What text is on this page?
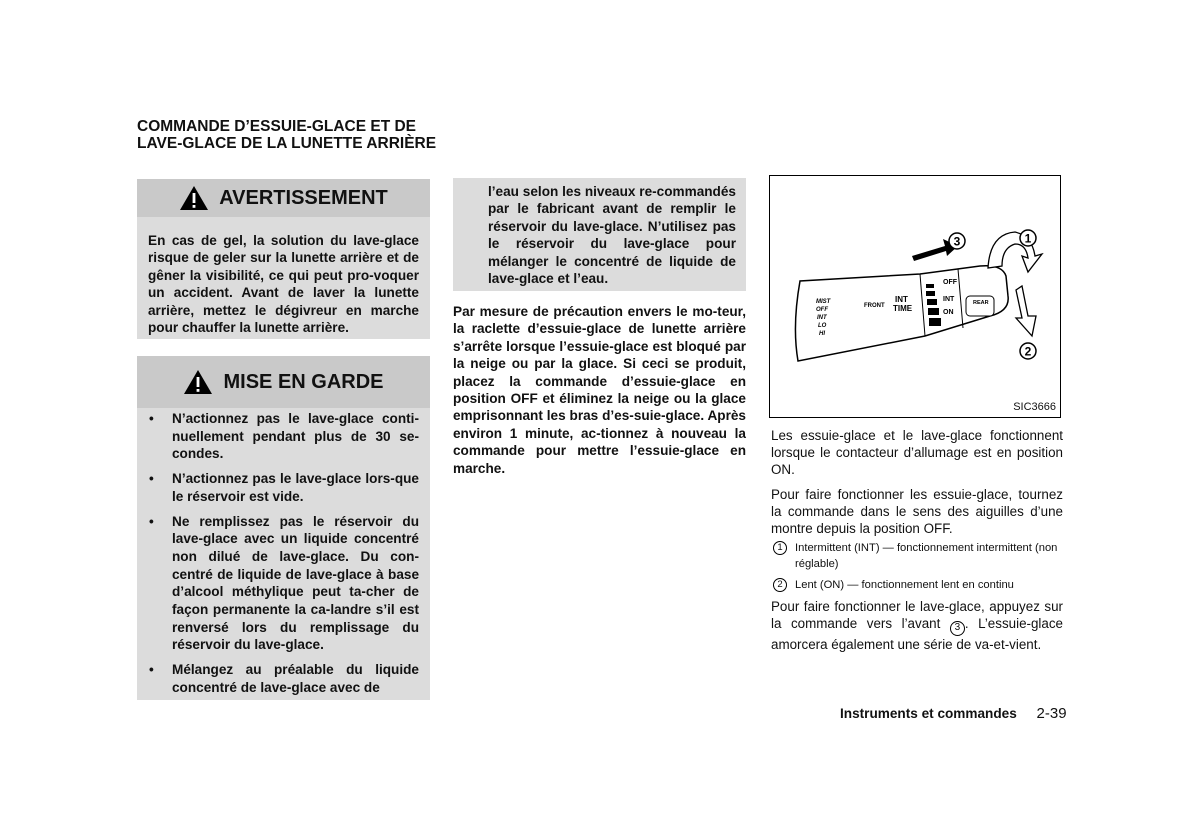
COMMANDE D’ESSUIE-GLACE ET DE LAVE-GLACE DE LA LUNETTE ARRIÈRE
AVERTISSEMENT
En cas de gel, la solution du lave-glace risque de geler sur la lunette arrière et de gêner la visibilité, ce qui peut pro-voquer un accident. Avant de laver la lunette arrière, mettez le dégivreur en marche pour chauffer la lunette arrière.
MISE EN GARDE
• N’actionnez pas le lave-glace conti-nuellement pendant plus de 30 se-condes.
• N’actionnez pas le lave-glace lors-que le réservoir est vide.
• Ne remplissez pas le réservoir du lave-glace avec un liquide concentré non dilué de lave-glace. Du con-centré de liquide de lave-glace à base d’alcool méthylique peut ta-cher de façon permanente la ca-landre s’il est renversé lors du remplissage du réservoir du lave-glace.
• Mélangez au préalable du liquide concentré de lave-glace avec de
l’eau selon les niveaux re-commandés par le fabricant avant de remplir le réservoir du lave-glace. N’utilisez pas le réservoir du lave-glace pour mélanger le concentré de liquide de lave-glace et l’eau.
Par mesure de précaution envers le mo-teur, la raclette d’essuie-glace de lunette arrière s’arrête lorsque l’essuie-glace est bloqué par la neige ou par la glace. Si ceci se produit, placez la commande d’essuie-glace en position OFF et éliminez la neige ou la glace emprisonnant les bras d’es-suie-glace. Après environ 1 minute, ac-tionnez à nouveau la commande pour mettre l’essuie-glace en marche.
MIST
OFF
INT
LO
HI
FRONT
INT
TIME
OFF
INT
ON
REAR
3	1
2
SIC3666

Les essuie-glace et le lave-glace fonctionnent lorsque le contacteur d’allumage est en position ON.

Pour faire fonctionner les essuie-glace, tournez la commande dans le sens des aiguilles d’une montre depuis la position OFF.

1	Intermittent (INT) — fonctionnement intermittent (non réglable)
2	Lent (ON) — fonctionnement lent en continu

Pour faire fonctionner le lave-glace, appuyez sur la commande vers l’avant 3 . L’essuie-glace amorcera également une série de va-et-vient.

Instruments et commandes 2-39
